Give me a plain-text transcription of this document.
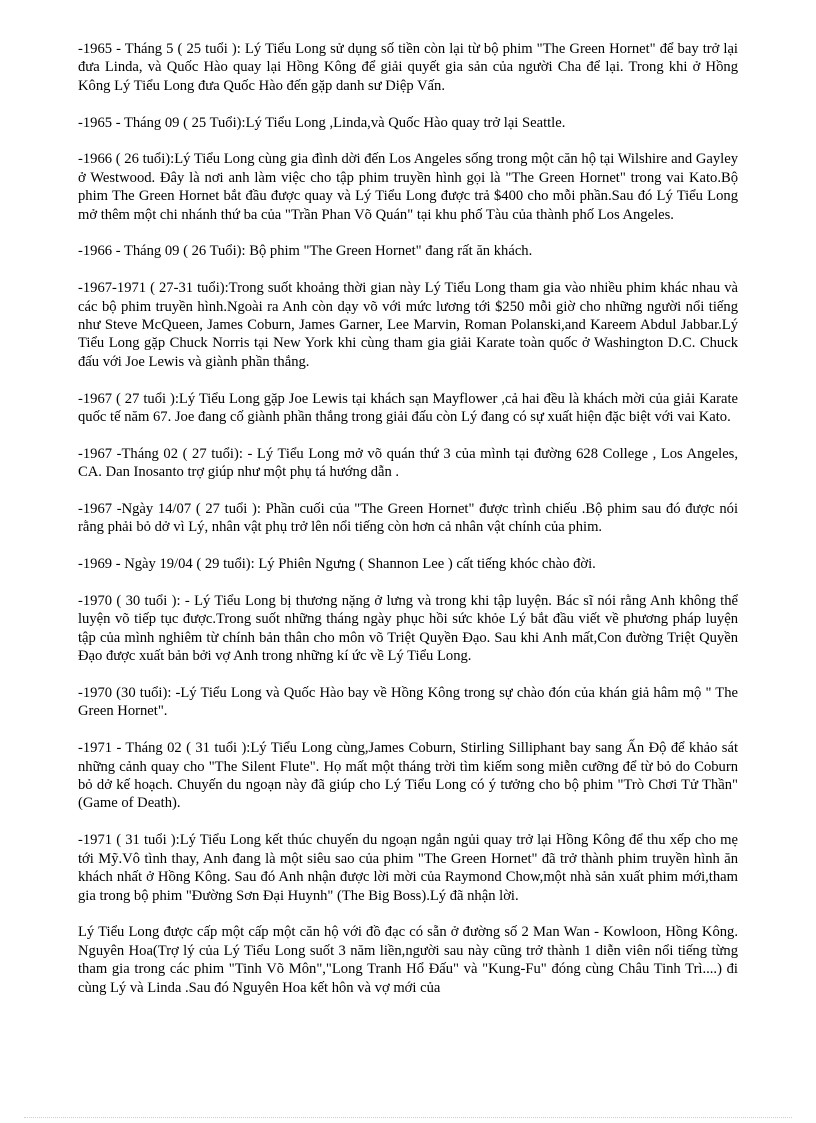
-1965 - Tháng 5 ( 25 tuổi ): Lý Tiểu Long sử dụng số tiền còn lại từ bộ phim "The Green Hornet" để bay trở lại đưa Linda, và Quốc Hào quay lại Hồng Kông để giải quyết gia sản của người Cha để lại. Trong khi ở Hồng Kông Lý Tiểu Long đưa Quốc Hào đến gặp danh sư Diệp Vấn.

-1965 - Tháng 09 ( 25 Tuổi):Lý Tiểu Long ,Linda,và Quốc Hào quay trở lại Seattle.

-1966 ( 26 tuổi):Lý Tiểu Long cùng gia đình dời đến Los Angeles sống trong một căn hộ tại Wilshire and Gayley ở Westwood. Đây là nơi anh làm việc cho tập phim truyền hình gọi là "The Green Hornet" trong vai Kato.Bộ phim The Green Hornet bắt đầu được quay và Lý Tiểu Long được trả $400 cho mỗi phần.Sau đó Lý Tiểu Long mở thêm một chi nhánh thứ ba của "Trần Phan Võ Quán" tại khu phố Tàu của thành phố Los Angeles.

-1966 - Tháng 09 ( 26 Tuổi): Bộ phim "The Green Hornet" đang rất ăn khách.

-1967-1971 ( 27-31 tuổi):Trong suốt khoảng thời gian này Lý Tiểu Long tham gia vào nhiều phim khác nhau và các bộ phim truyền hình.Ngoài ra Anh còn dạy võ với mức lương tới $250 mỗi giờ cho những người nổi tiếng như Steve McQueen, James Coburn, James Garner, Lee Marvin, Roman Polanski,and Kareem Abdul Jabbar.Lý Tiểu Long gặp Chuck Norris tại New York khi cùng tham gia giải Karate toàn quốc ở Washington D.C. Chuck đấu với Joe Lewis và giành phần thắng.

-1967 ( 27 tuổi ):Lý Tiểu Long gặp Joe Lewis tại khách sạn Mayflower ,cả hai đều là khách mời của giải Karate quốc tế năm 67. Joe đang cố giành phần thắng trong giải đấu còn Lý đang có sự xuất hiện đặc biệt với vai Kato.

-1967 -Tháng 02 ( 27 tuổi): - Lý Tiểu Long mở võ quán thứ 3 của mình tại đường 628 College , Los Angeles, CA. Dan Inosanto trợ giúp như một phụ tá hướng dẫn .

-1967 -Ngày 14/07 ( 27 tuổi ): Phần cuối của "The Green Hornet" được trình chiếu .Bộ phim sau đó được nói rằng phải bỏ dở vì Lý, nhân vật phụ trở lên nổi tiếng còn hơn cả nhân vật chính của phim.

-1969 - Ngày 19/04 ( 29 tuổi): Lý Phiên Ngưng ( Shannon Lee ) cất tiếng khóc chào đời.

-1970 ( 30 tuổi ): - Lý Tiểu Long bị thương nặng ở lưng và trong khi tập luyện. Bác sĩ nói rằng Anh không thể luyện võ tiếp tục được.Trong suốt những tháng ngày phục hồi sức khỏe Lý bắt đầu viết về phương pháp luyện tập của mình nghiêm từ chính bản thân cho môn võ Triệt Quyền Đạo. Sau khi Anh mất,Con đường Triệt Quyền Đạo được xuất bản bởi vợ Anh trong những kí ức về Lý Tiểu Long.

-1970 (30 tuổi): -Lý Tiểu Long và Quốc Hào bay về Hồng Kông trong sự chào đón của khán giả hâm mộ " The Green Hornet".

-1971 - Tháng 02 ( 31 tuổi ):Lý Tiểu Long cùng,James Coburn, Stirling Silliphant bay sang Ấn Độ để khảo sát những cảnh quay cho "The Silent Flute". Họ mất một tháng trời tìm kiếm song miễn cưỡng để từ bỏ do Coburn bỏ dở kế hoạch. Chuyến du ngoạn này đã giúp cho Lý Tiểu Long có ý tưởng cho bộ phim "Trò Chơi Tử Thần" (Game of Death).

-1971 ( 31 tuổi ):Lý Tiểu Long kết thúc chuyến du ngoạn ngắn ngủi quay trở lại Hồng Kông để thu xếp cho mẹ tới Mỹ.Vô tình thay, Anh đang là một siêu sao của phim "The Green Hornet" đã trở thành phim truyền hình ăn khách nhất ở Hồng Kông. Sau đó Anh nhận được lời mời của Raymond Chow,một nhà sản xuất phim mới,tham gia trong bộ phim "Đường Sơn Đại Huynh" (The Big Boss).Lý đã nhận lời.

Lý Tiểu Long được cấp một cấp một căn hộ với đồ đạc có sẵn ở đường số 2 Man Wan - Kowloon, Hồng Kông. Nguyên Hoa(Trợ lý của Lý Tiểu Long suốt 3 năm liền,người sau này cũng trở thành 1 diễn viên nổi tiếng từng tham gia trong các phim "Tinh Võ Môn","Long Tranh Hổ Đấu" và "Kung-Fu" đóng cùng Châu Tinh Trì....) đi cùng Lý và Linda .Sau đó Nguyên Hoa kết hôn và vợ mới của
